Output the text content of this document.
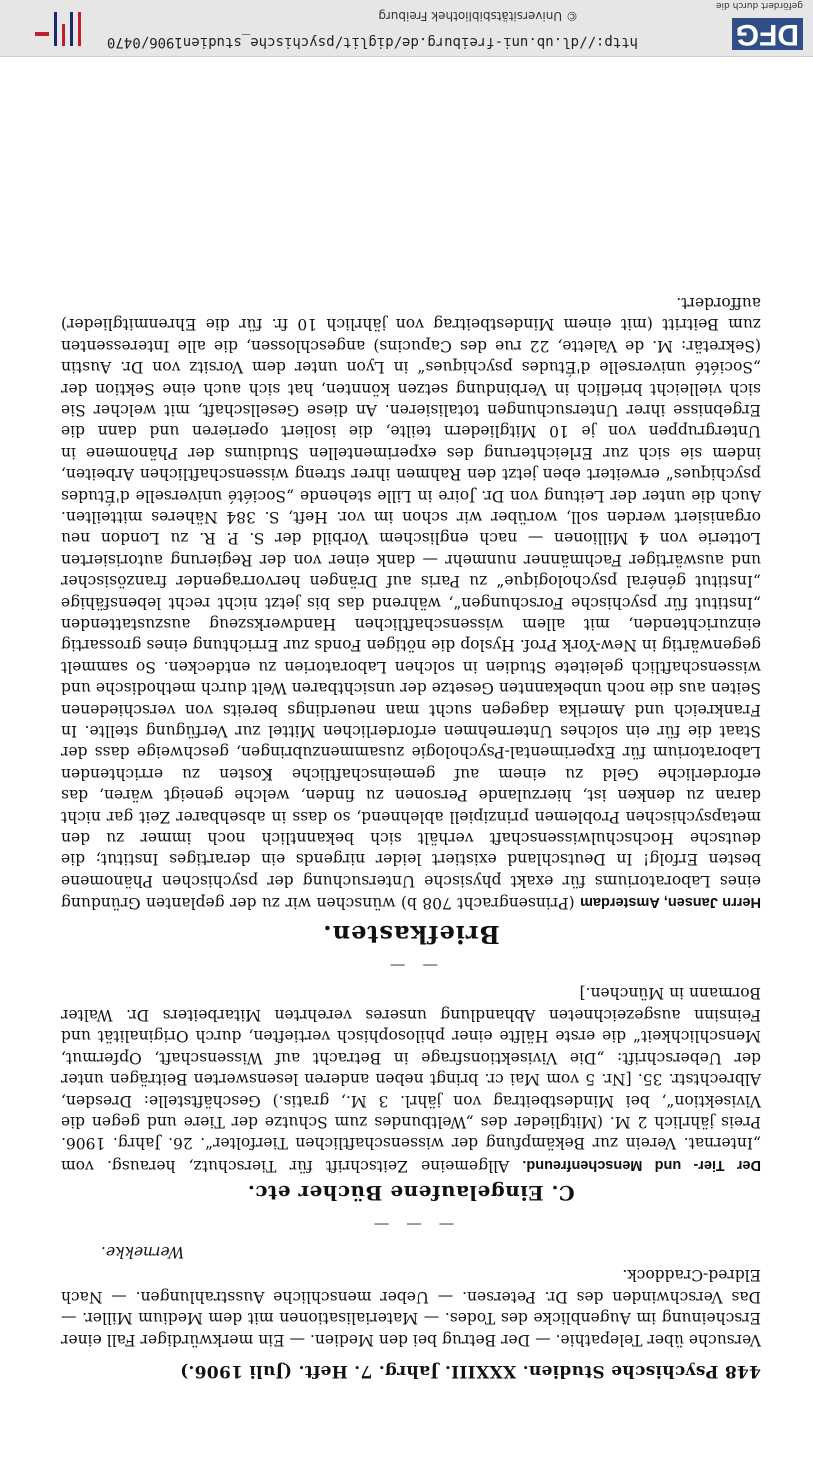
448 Psychische Studien. XXXIII. Jahrg. 7. Heft. (Juli 1906.)

Versuche über Telepathie. — Der Betrug bei den Medien. — Ein merkwürdiger Fall einer Erscheinung im Augenblicke des Todes. — Materialisationen mit dem Medium Miller. — Das Verschwinden des Dr. Petersen. — Ueber menschliche Ausstrahlungen. — Nach Eldred-Craddock.

Wernekke.
— — —
C. Eingelaufene Bücher etc.

Der Tier- und Menschenfreund. Allgemeine Zeitschrift für Tierschutz, herausg. vom „Internat. Verein zur Bekämpfung der wissenschaftlichen Tierfolter“. 26. Jahrg. 1906. Preis jährlich 2 M. (Mitglieder des „Weltbundes zum Schutze der Tiere und gegen die Vivisektion“, bei Mindestbeitrag von jährl. 3 M., gratis.) Geschäftstelle: Dresden, Albrechtstr. 35. [Nr. 5 vom Mai cr. bringt neben anderen lesenswerten Beiträgen unter der Ueberschrift: „Die Vivisektionsfrage in Betracht auf Wissenschaft, Opfermut, Menschlichkeit“ die erste Hälfte einer philosophisch vertieften, durch Originalität und Feinsinn ausgezeichneten Abhandlung unseres verehrten Mitarbeiters Dr. Walter Bormann in München.]

— —
Briefkasten.

Herrn Jansen, Amsterdam (Prinsengracht 708 b) wünschen wir zu der geplanten Gründung eines Laboratoriums für exakt physische Untersuchung der psychischen Phänomene besten Erfolg! In Deutschland existiert leider nirgends ein derartiges Institut; die deutsche Hochschulwissenschaft verhält sich bekanntlich noch immer zu den metapsychischen Problemen prinzipiell ablehnend, so dass in absehbarer Zeit gar nicht daran zu denken ist, hierzulande Personen zu finden, welche geneigt wären, das erforderliche Geld zu einem auf gemeinschaftliche Kosten zu errichtenden Laboratorium für Experimental-Psychologie zusammenzubringen, geschweige dass der Staat die für ein solches Unternehmen erforderlichen Mittel zur Verfügung stellte. In Frankreich und Amerika dagegen sucht man neuerdings bereits von verschiedenen Seiten aus die noch unbekannten Gesetze der unsichtbaren Welt durch methodische und wissenschaftlich geleitete Studien in solchen Laboratorien zu entdecken. So sammelt gegenwärtig in New-York Prof. Hyslop die nötigen Fonds zur Errichtung eines grossartig einzurichtenden, mit allem wissenschaftlichen Handwerkszeug auszustattenden „Institut für psychische Forschungen“, während das bis jetzt nicht recht lebensfähige „Institut général psychologique“ zu Paris auf Drängen hervorragender französischer und auswärtiger Fachmänner nunmehr — dank einer von der Regierung autorisierten Lotterie von 4 Millionen — nach englischem Vorbild der S. P. R. zu London neu organisiert werden soll, worüber wir schon im vor. Heft, S. 384 Näheres mitteilten. Auch die unter der Leitung von Dr. Joire in Lille stehende „Société universelle d'Études psychiques“ erweitert eben jetzt den Rahmen ihrer streng wissenschaftlichen Arbeiten, indem sie sich zur Erleichterung des experimentellen Studiums der Phänomene in Untergruppen von je 10 Mitgliedern teilte, die isoliert operieren und dann die Ergebnisse ihrer Untersuchungen totalisieren. An diese Gesellschaft, mit welcher Sie sich vielleicht brieflich in Verbindung setzen könnten, hat sich auch eine Sektion der „Société universelle d'Études psychiques“ in Lyon unter dem Vorsitz von Dr. Austin (Sekretär: M. de Valette, 22 rue des Capucins) angeschlossen, die alle Interessenten zum Beitritt (mit einem Mindestbeitrag von jährlich 10 fr. für die Ehrenmitglieder) auffordert.

DFG
gefördert durch die
http://dl.ub.uni-freiburg.de/diglit/psychische_studien1906/0470
© Universitätsbibliothek Freiburg
